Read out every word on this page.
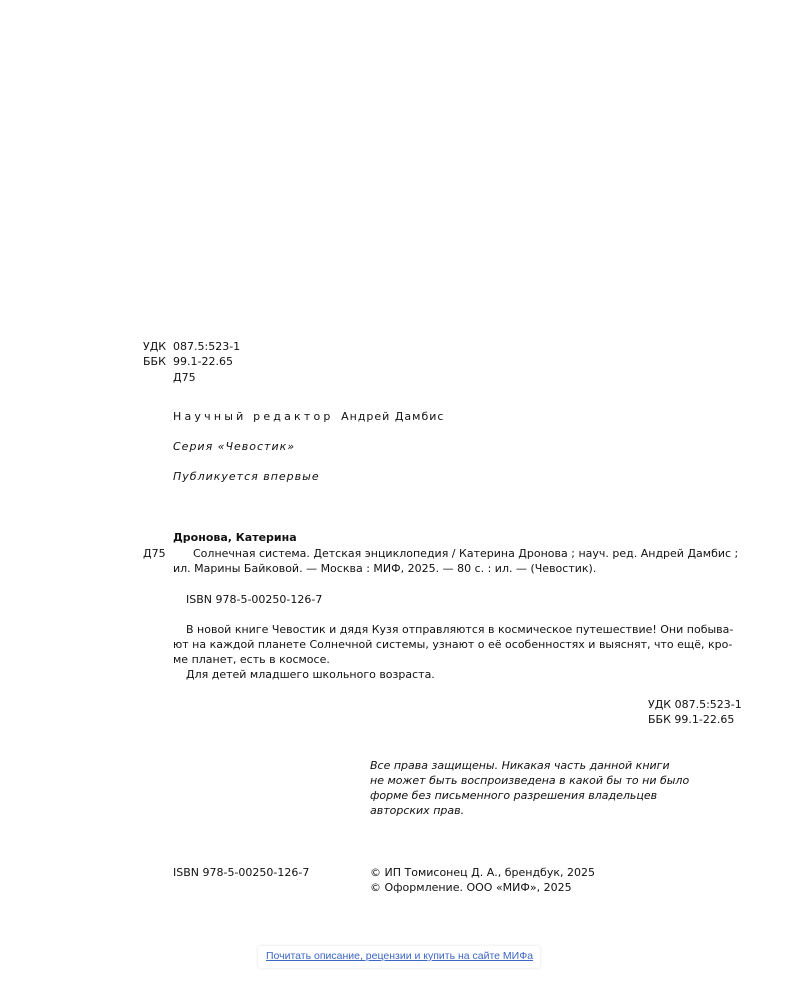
УДК 087.5:523-1
ББК 99.1-22.65
Д75
Научный редактор Андрей Дамбис
Серия «Чевостик»
Публикуется впервые
Дронова, Катерина
Д75 Солнечная система. Детская энциклопедия / Катерина Дронова ; науч. ред. Андрей Дамбис ;
ил. Марины Байковой. — Москва : МИФ, 2025. — 80 с. : ил. — (Чевостик).
ISBN 978-5-00250-126-7
В новой книге Чевостик и дядя Кузя отправляются в космическое путешествие! Они побыва-
ют на каждой планете Солнечной системы, узнают о её особенностях и выяснят, что ещё, кро-
ме планет, есть в космосе.
Для детей младшего школьного возраста.
УДК 087.5:523-1
ББК 99.1-22.65
Все права защищены. Никакая часть данной книги
не может быть воспроизведена в какой бы то ни было
форме без письменного разрешения владельцев
авторских прав.
ISBN 978-5-00250-126-7	© ИП Томисонец Д. А., брендбук, 2025
© Оформление. ООО «МИФ», 2025
Почитать описание, рецензии и купить на сайте МИФа
